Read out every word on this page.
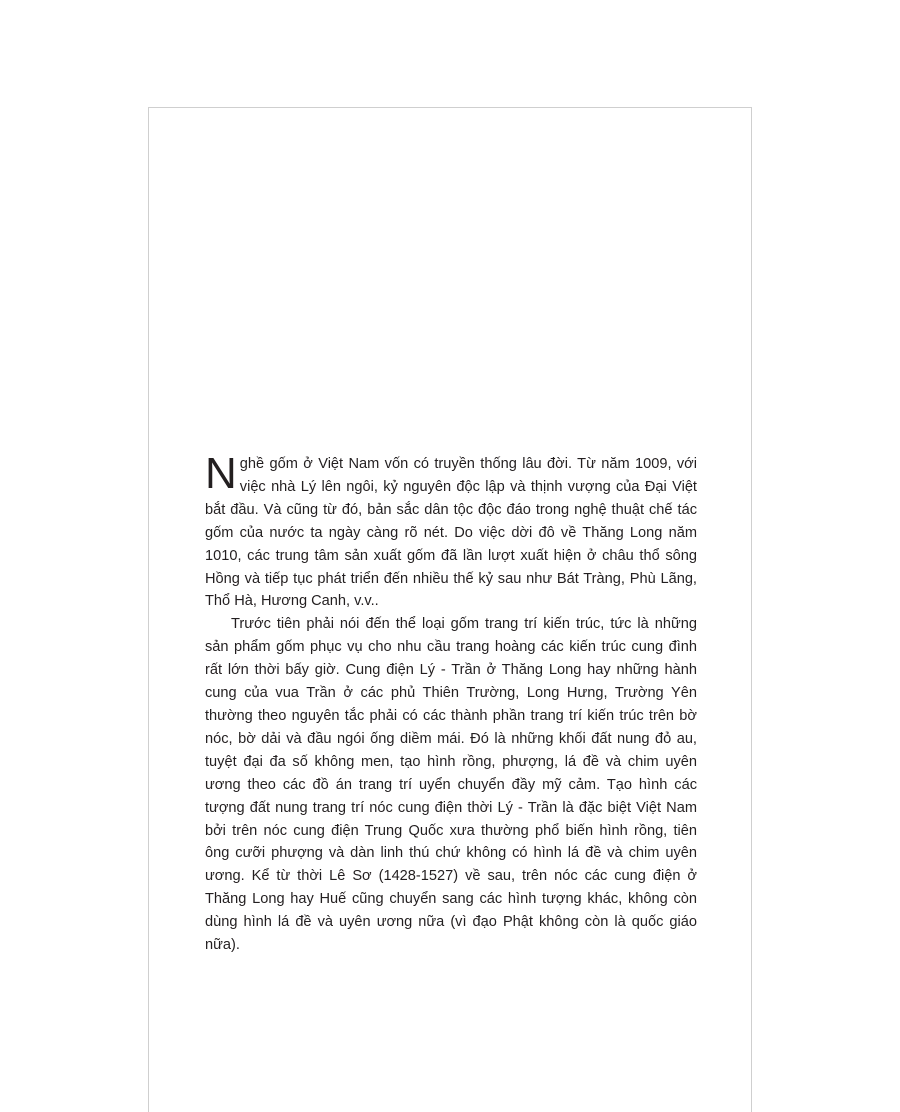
Nghề gốm ở Việt Nam vốn có truyền thống lâu đời. Từ năm 1009, với việc nhà Lý lên ngôi, kỷ nguyên độc lập và thịnh vượng của Đại Việt bắt đầu. Và cũng từ đó, bản sắc dân tộc độc đáo trong nghệ thuật chế tác gốm của nước ta ngày càng rõ nét. Do việc dời đô về Thăng Long năm 1010, các trung tâm sản xuất gốm đã lần lượt xuất hiện ở châu thổ sông Hồng và tiếp tục phát triển đến nhiều thế kỷ sau như Bát Tràng, Phù Lãng, Thổ Hà, Hương Canh, v.v..

Trước tiên phải nói đến thể loại gốm trang trí kiến trúc, tức là những sản phẩm gốm phục vụ cho nhu cầu trang hoàng các kiến trúc cung đình rất lớn thời bấy giờ. Cung điện Lý - Trần ở Thăng Long hay những hành cung của vua Trần ở các phủ Thiên Trường, Long Hưng, Trường Yên thường theo nguyên tắc phải có các thành phần trang trí kiến trúc trên bờ nóc, bờ dải và đầu ngói ống diềm mái. Đó là những khối đất nung đỏ au, tuyệt đại đa số không men, tạo hình rồng, phượng, lá đề và chim uyên ương theo các đồ án trang trí uyển chuyển đầy mỹ cảm. Tạo hình các tượng đất nung trang trí nóc cung điện thời Lý - Trần là đặc biệt Việt Nam bởi trên nóc cung điện Trung Quốc xưa thường phổ biến hình rồng, tiên ông cưỡi phượng và dàn linh thú chứ không có hình lá đề và chim uyên ương. Kể từ thời Lê Sơ (1428-1527) về sau, trên nóc các cung điện ở Thăng Long hay Huế cũng chuyển sang các hình tượng khác, không còn dùng hình lá đề và uyên ương nữa (vì đạo Phật không còn là quốc giáo nữa).
